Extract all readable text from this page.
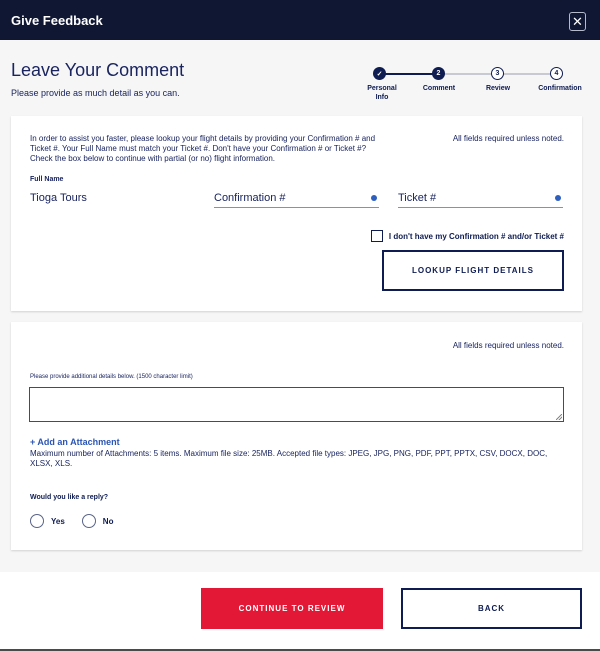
Give Feedback	✕
Leave Your Comment
Please provide as much detail as you can.
✓	2	3	4
Personal Info
Comment	Review	Confirmation
In order to assist you faster, please lookup your flight details by providing your Confirmation # and Ticket #. Your Full Name must match your Ticket #. Don't have your Confirmation # or Ticket #? Check the box below to continue with partial (or no) flight information.
All fields required unless noted.
Full Name
Tioga Tours	Confirmation #	Ticket #
I don't have my Confirmation # and/or Ticket #
LOOKUP FLIGHT DETAILS
All fields required unless noted.
Please provide additional details below. (1500 character limit)
+ Add an Attachment
Maximum number of Attachments: 5 items. Maximum file size: 25MB. Accepted file types: JPEG, JPG, PNG, PDF, PPT, PPTX, CSV, DOCX, DOC, XLSX, XLS.
Would you like a reply?
Yes	No
CONTINUE TO REVIEW	BACK
